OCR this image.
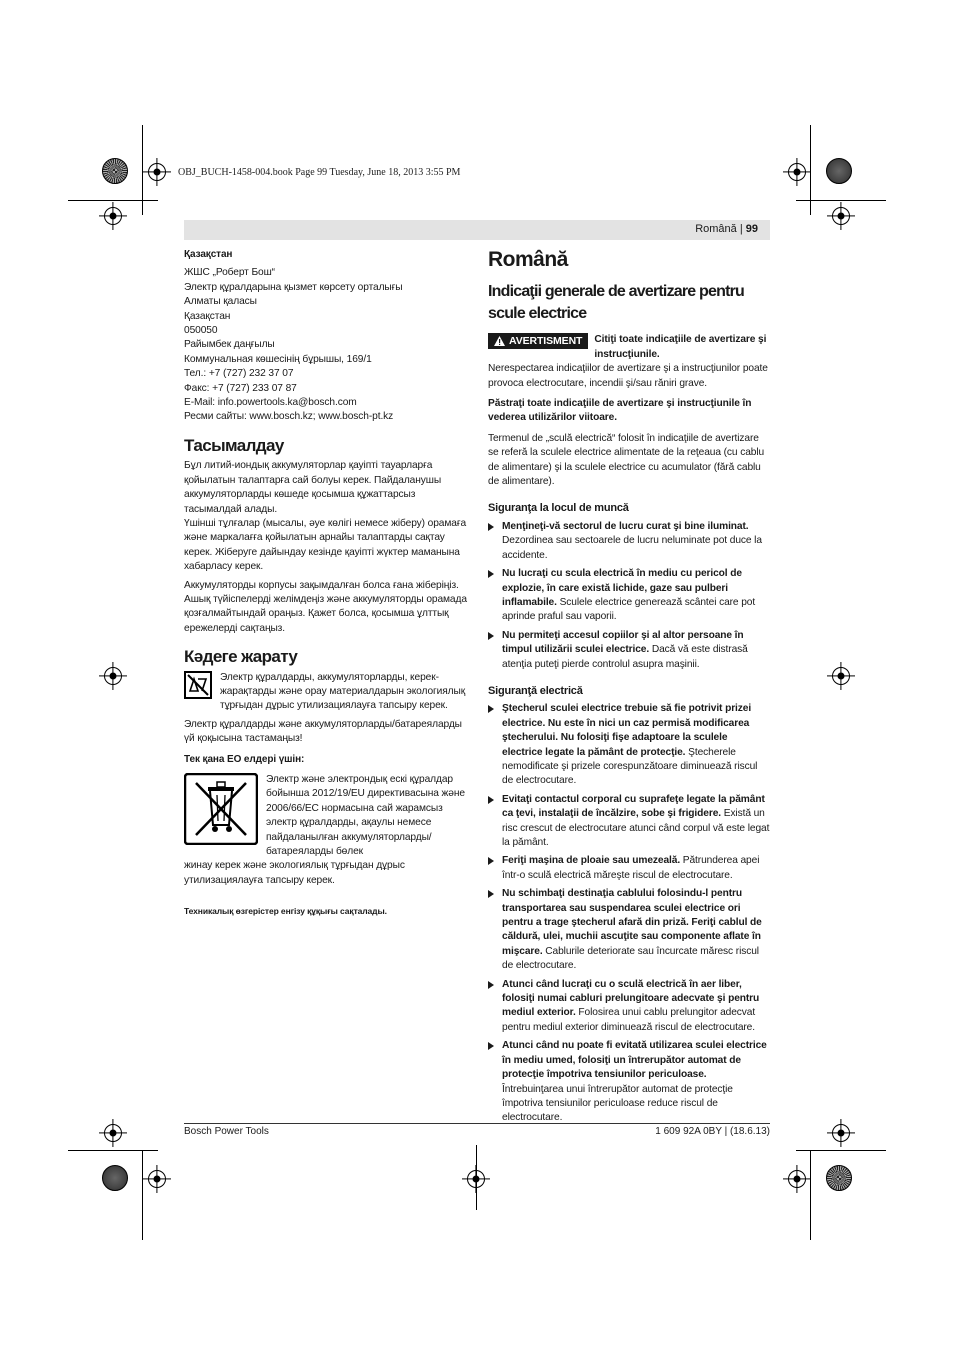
OBJ_BUCH-1458-004.book Page 99 Tuesday, June 18, 2013 3:55 PM
Română | 99

Қазақстан

ЖШС „Роберт Бош“

Электр құралдарына қызмет көрсету орталығы

Алматы қаласы

Қазақстан

050050

Райымбек даңғылы

Коммунальная көшесінің бұрышы, 169/1

Тел.: +7 (727) 232 37 07

Факс: +7 (727) 233 07 87

E-Mail: info.powertools.ka@bosch.com

Ресми сайты: www.bosch.kz; www.bosch-pt.kz

Тасымалдау

Бұл литий-иондық аккумуляторлар қауіпті тауарларға қойылатын талаптарға сай болуы керек. Пайдаланушы аккумуляторларды көшеде қосымша құжаттарсыз тасымалдай алады.

Үшінші тұлғалар (мысалы, әуе көлігі немесе жіберу) орамаға және маркалағға қойылатын арнайы талаптарды сақтау керек. Жіберуге дайындау кезінде қауіпті жүктер маманына хабарласу керек.

Аккумуляторды корпусы зақымдалған болса ғана жіберіңіз. Ашық түйіспелерді желімдеңіз және аккумуляторды орамада қозғалмайтындай ораңыз. Қажет болса, қосымша ұлттық ережелерді сақтаңыз.

Кәдеге жарату

Электр құралдарды, аккумуляторларды, керек-жарақтарды және орау материалдарын экологиялық тұрғыдан дұрыс утилизациялауға тапсыру керек.

Электр құралдарды және аккумуляторларды/батареяларды үй қоқысына тастамаңыз!

Тек қана ЕО елдері үшін:

Электр және электрондық ескі құралдар бойынша 2012/19/EU директивасына және 2006/66/EC нормасына сай жарамсыз электр құралдарды, ақаулы немесе пайдаланылған аккумуляторларды/батареяларды бөлек

жинау керек және экологиялық тұрғыдан дұрыс утилизациялауға тапсыру керек.

Техникалық өзгерістер енгізу құқығы сақталады.

Română
Indicaţii generale de avertizare pentru scule electrice
AVERTISMENT Citiţi toate indicaţiile de avertizare şi instrucţiunile.

Nerespectarea indicaţiilor de avertizare şi a instrucţiunilor poate provoca electrocutare, incendii şi/sau răniri grave.

Păstraţi toate indicaţiile de avertizare şi instrucţiunile în vederea utilizărilor viitoare.

Termenul de „sculă electrică“ folosit în indicaţiile de avertizare se referă la sculele electrice alimentate de la reţeaua (cu cablu de alimentare) şi la sculele electrice cu acumulator (fără cablu de alimentare).

Siguranţa la locul de muncă
Menţineţi-vă sectorul de lucru curat şi bine iluminat. Dezordinea sau sectoarele de lucru neluminate pot duce la accidente.
Nu lucraţi cu scula electrică în mediu cu pericol de explozie, în care există lichide, gaze sau pulberi inflamabile. Sculele electrice generează scântei care pot aprinde praful sau vaporii.
Nu permiteţi accesul copiilor şi al altor persoane în timpul utilizării sculei electrice. Dacă vă este distrasă atenţia puteţi pierde controlul asupra maşinii.
Siguranţă electrică
Ştecherul sculei electrice trebuie să fie potrivit prizei electrice. Nu este în nici un caz permisă modificarea ştecherului. Nu folosiţi fişe adaptoare la sculele electrice legate la pământ de protecţie. Ştecherele nemodificate şi prizele corespunzătoare diminuează riscul de electrocutare.
Evitaţi contactul corporal cu suprafeţe legate la pământ ca ţevi, instalaţii de încălzire, sobe şi frigidere. Există un risc crescut de electrocutare atunci când corpul vă este legat la pământ.
Feriţi maşina de ploaie sau umezeală. Pătrunderea apei într-o sculă electrică măreşte riscul de electrocutare.
Nu schimbaţi destinaţia cablului folosindu-l pentru transportarea sau suspendarea sculei electrice ori pentru a trage ştecherul afară din priză. Feriţi cablul de căldură, ulei, muchii ascuţite sau componente aflate în mişcare. Cablurile deteriorate sau încurcate măresc riscul de electrocutare.
Atunci când lucraţi cu o sculă electrică în aer liber, folosiţi numai cabluri prelungitoare adecvate şi pentru mediul exterior. Folosirea unui cablu prelungitor adecvat pentru mediul exterior diminuează riscul de electrocutare.
Atunci când nu poate fi evitată utilizarea sculei electrice în mediu umed, folosiţi un întrerupător automat de protecţie împotriva tensiunilor periculoase. Întrebuinţarea unui întrerupător automat de protecţie împotriva tensiunilor periculoase reduce riscul de electrocutare.
Bosch Power Tools	1 609 92A 0BY | (18.6.13)
